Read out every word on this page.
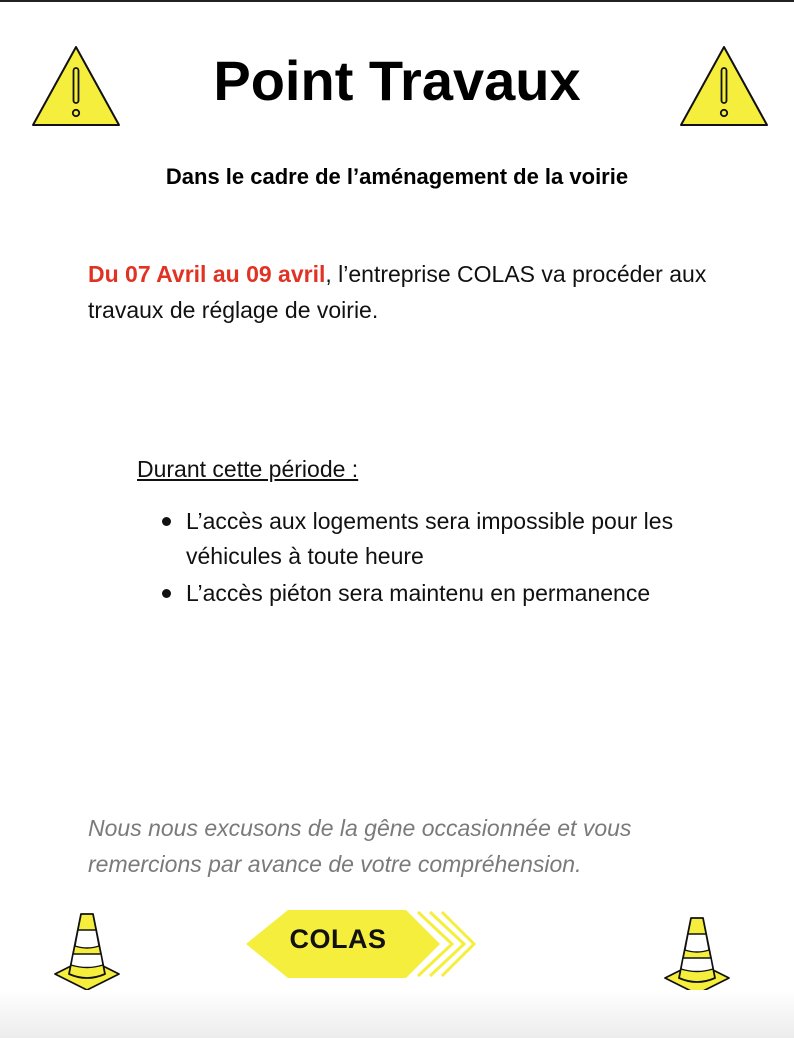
Point Travaux
Dans le cadre de l’aménagement de la voirie

Du 07 Avril au 09 avril, l’entreprise COLAS va procéder aux travaux de réglage de voirie.

Durant cette période :
L’accès aux logements sera impossible pour les véhicules à toute heure
L’accès piéton sera maintenu en permanence

Nous nous excusons de la gêne occasionnée et vous remercions par avance de votre compréhension.

COLAS
